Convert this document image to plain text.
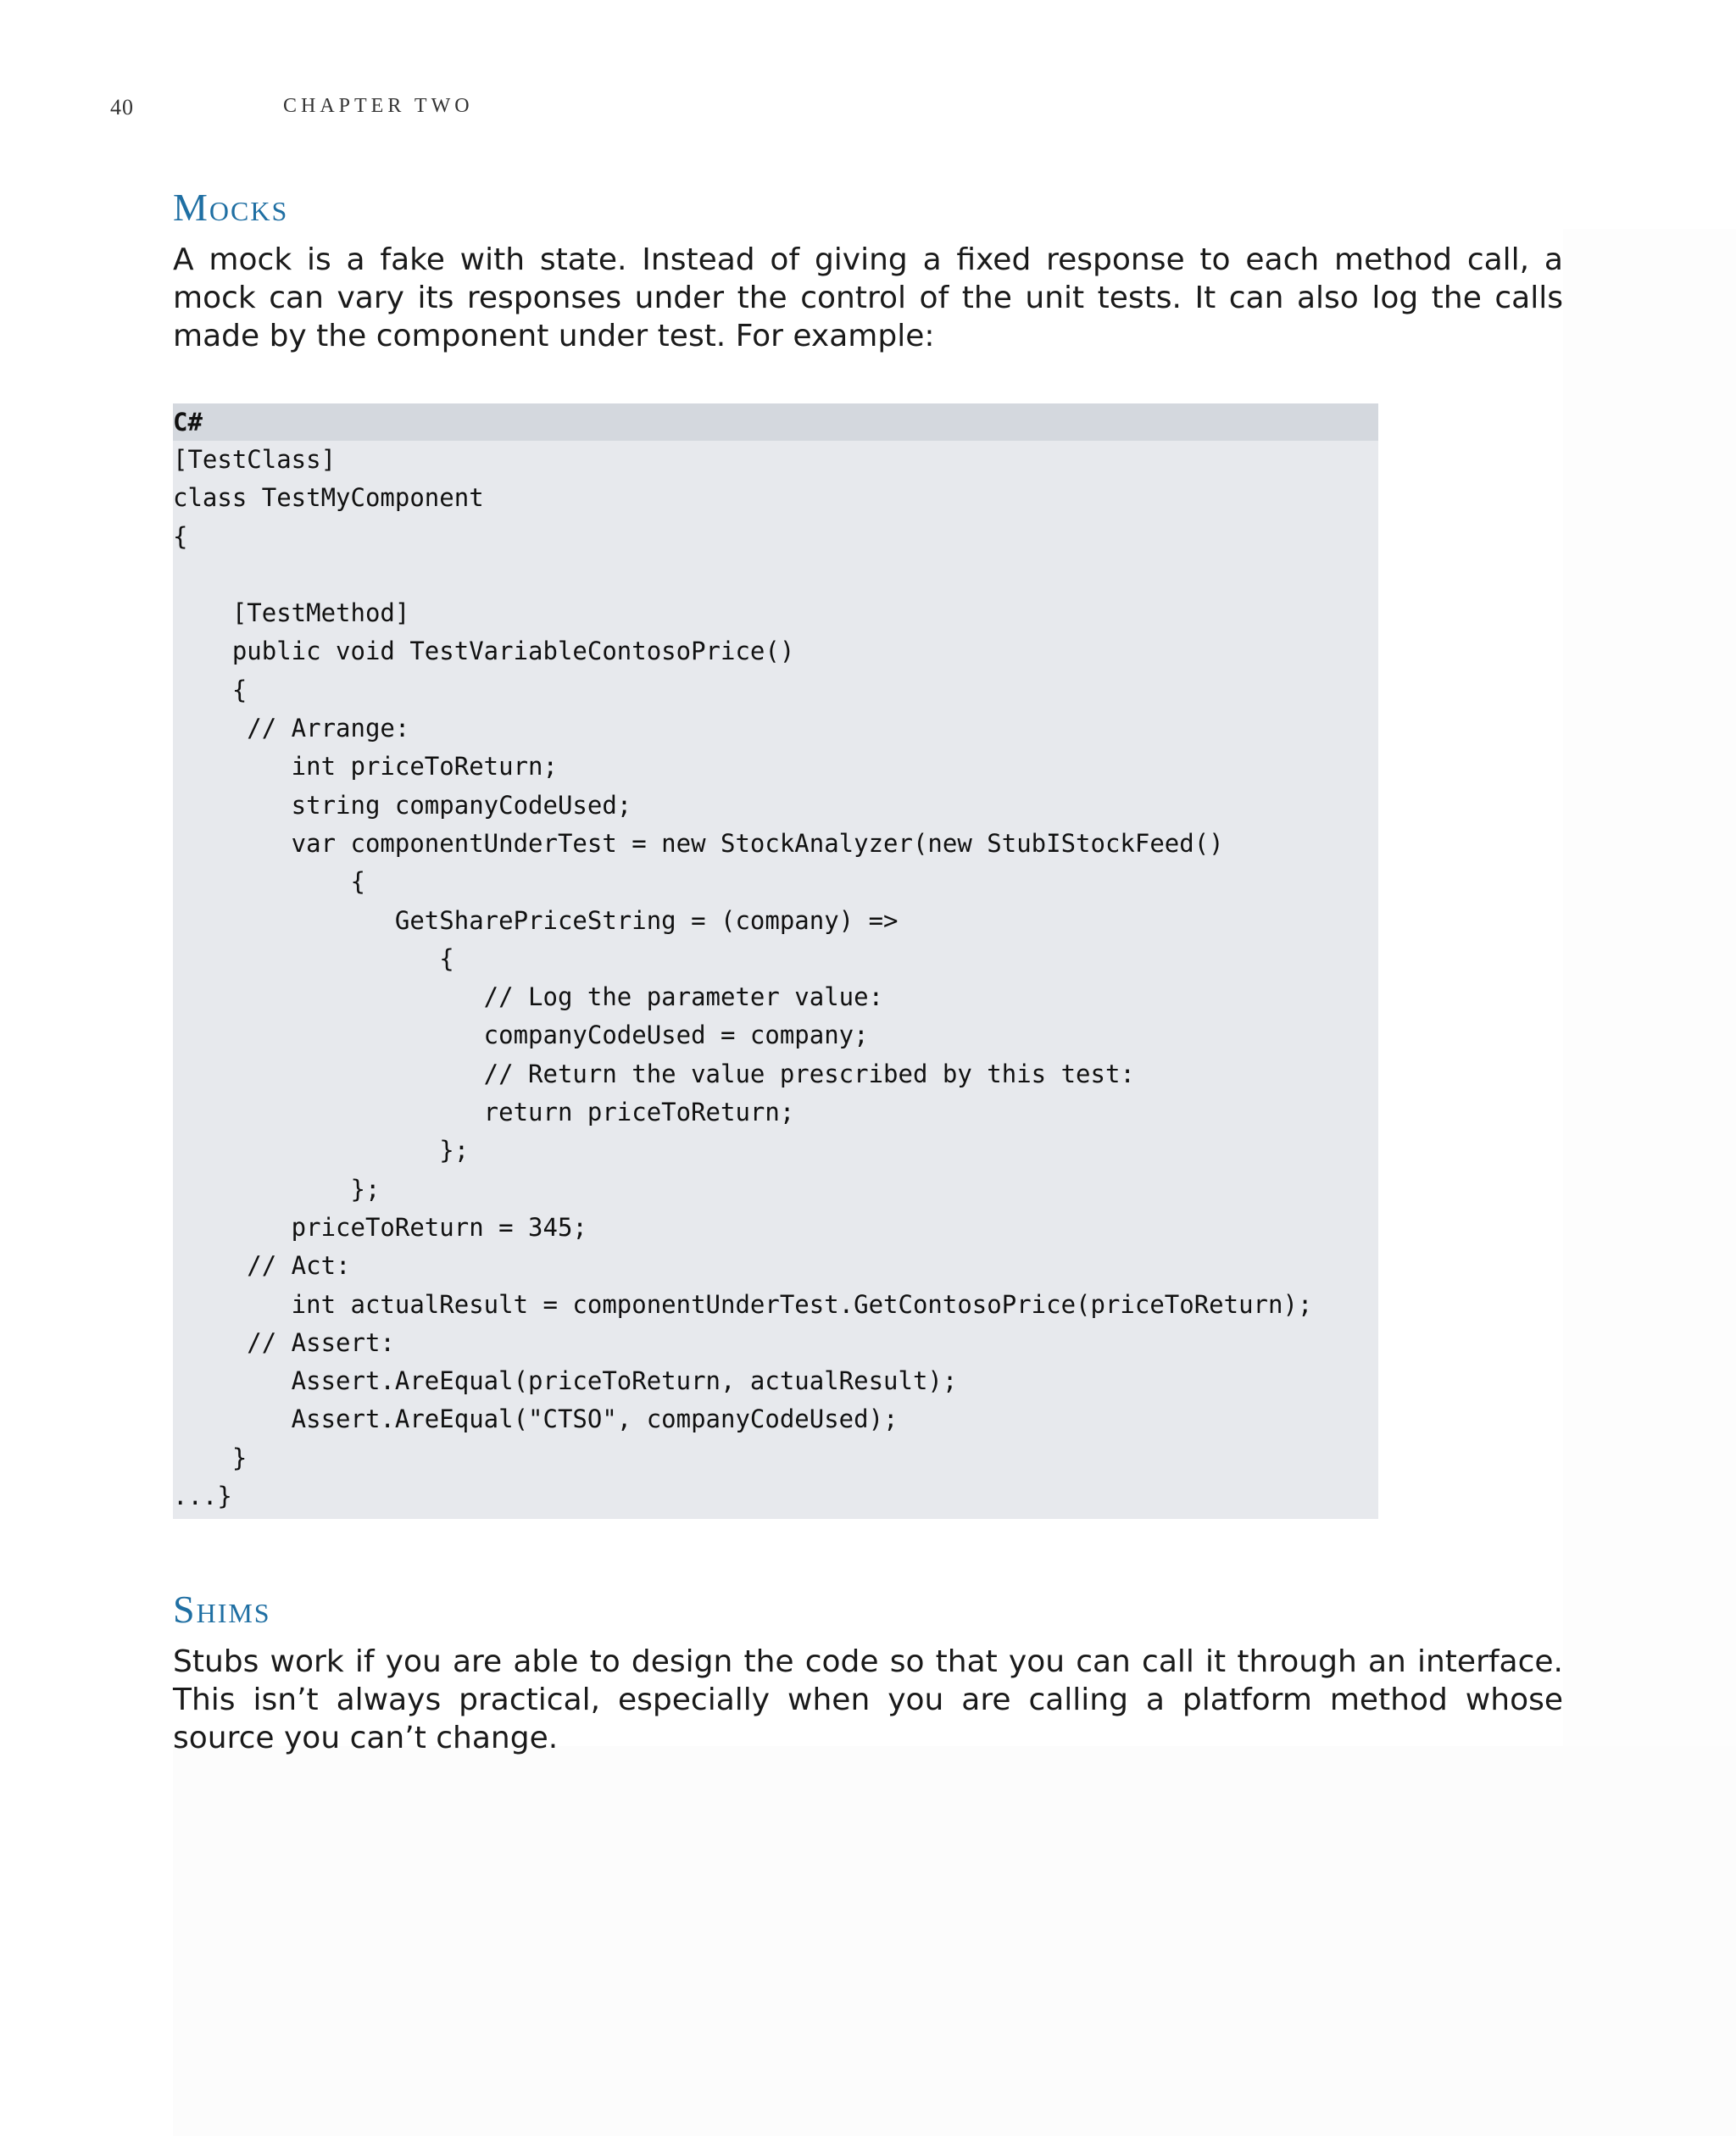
40	CHAPTER TWO
Mocks

A mock is a fake with state. Instead of giving a fixed response to each method call, a mock can vary its responses under the control of the unit tests. It can also log the calls made by the component under test. For example:

C#
[TestClass]
class TestMyComponent
{
[TestMethod]
public void TestVariableContosoPrice()
{
// Arrange:
int priceToReturn;
string companyCodeUsed;
var componentUnderTest = new StockAnalyzer(new StubIStockFeed()
{
GetSharePriceString = (company) =>
{
// Log the parameter value:
companyCodeUsed = company;
// Return the value prescribed by this test:
return priceToReturn;
};
};
priceToReturn = 345;
// Act:
int actualResult = componentUnderTest.GetContosoPrice(priceToReturn);
// Assert:
Assert.AreEqual(priceToReturn, actualResult);
Assert.AreEqual("CTSO", companyCodeUsed);
}
...}
Shims

Stubs work if you are able to design the code so that you can call it through an interface. This isn’t always practical, especially when you are calling a platform method whose source you can’t change.
